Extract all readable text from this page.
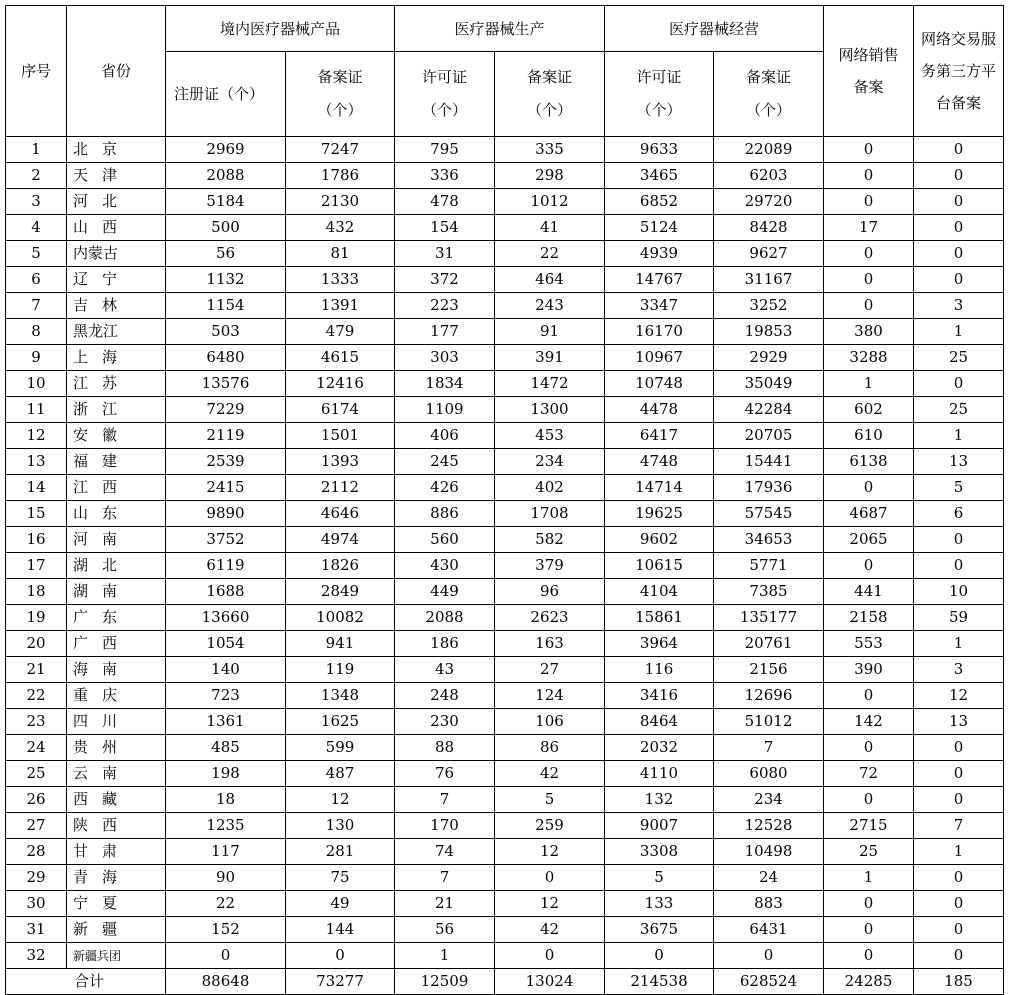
序号	省份	境内医疗器械产品		医疗器械生产		医疗器械经营		网络销售备案	网络交易服务第三方平台备案
		注册证（个）	备案证（个）	许可证（个）	备案证（个）	许可证（个）	备案证（个）		
1	北京	2969	7247	795	335	9633	22089	0	0
2	天津	2088	1786	336	298	3465	6203	0	0
3	河北	5184	2130	478	1012	6852	29720	0	0
4	山西	500	432	154	41	5124	8428	17	0
5	内蒙古	56	81	31	22	4939	9627	0	0
6	辽宁	1132	1333	372	464	14767	31167	0	0
7	吉林	1154	1391	223	243	3347	3252	0	3
8	黑龙江	503	479	177	91	16170	19853	380	1
9	上海	6480	4615	303	391	10967	2929	3288	25
10	江苏	13576	12416	1834	1472	10748	35049	1	0
11	浙江	7229	6174	1109	1300	4478	42284	602	25
12	安徽	2119	1501	406	453	6417	20705	610	1
13	福建	2539	1393	245	234	4748	15441	6138	13
14	江西	2415	2112	426	402	14714	17936	0	5
15	山东	9890	4646	886	1708	19625	57545	4687	6
16	河南	3752	4974	560	582	9602	34653	2065	0
17	湖北	6119	1826	430	379	10615	5771	0	0
18	湖南	1688	2849	449	96	4104	7385	441	10
19	广东	13660	10082	2088	2623	15861	135177	2158	59
20	广西	1054	941	186	163	3964	20761	553	1
21	海南	140	119	43	27	116	2156	390	3
22	重庆	723	1348	248	124	3416	12696	0	12
23	四川	1361	1625	230	106	8464	51012	142	13
24	贵州	485	599	88	86	2032	7	0	0
25	云南	198	487	76	42	4110	6080	72	0
26	西藏	18	12	7	5	132	234	0	0
27	陕西	1235	130	170	259	9007	12528	2715	7
28	甘肃	117	281	74	12	3308	10498	25	1
29	青海	90	75	7	0	5	24	1	0
30	宁夏	22	49	21	12	133	883	0	0
31	新疆	152	144	56	42	3675	6431	0	0
32	新疆兵团	0	0	1	0	0	0	0	0
合计		88648	73277	12509	13024	214538	628524	24285	185
